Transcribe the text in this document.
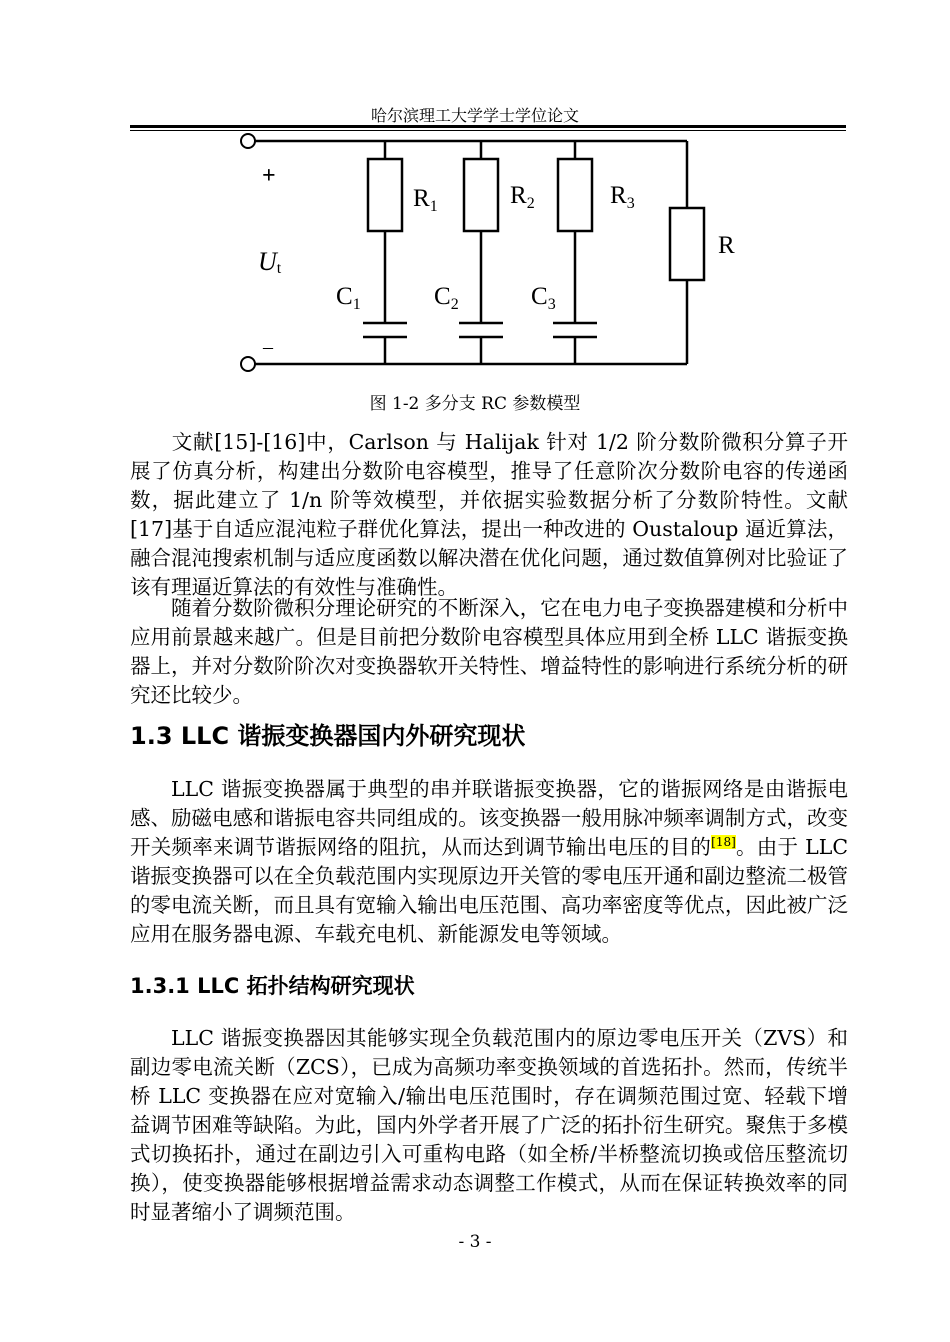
哈尔滨理工大学学士学位论文
+
–
Ut
R1	R2	R3
R
C1	C2	C3
图 1-2 多分支 RC 参数模型

文献[15]-[16]中，Carlson 与 Halijak 针对 1/2 阶分数阶微积分算子开展了仿真分析，构建出分数阶电容模型，推导了任意阶次分数阶电容的传递函数，据此建立了 1/n 阶等效模型，并依据实验数据分析了分数阶特性。文献[17]基于自适应混沌粒子群优化算法，提出一种改进的 Oustaloup 逼近算法，融合混沌搜索机制与适应度函数以解决潜在优化问题，通过数值算例对比验证了该有理逼近算法的有效性与准确性。

随着分数阶微积分理论研究的不断深入，它在电力电子变换器建模和分析中应用前景越来越广。但是目前把分数阶电容模型具体应用到全桥 LLC 谐振变换器上，并对分数阶阶次对变换器软开关特性、增益特性的影响进行系统分析的研究还比较少。

1.3 LLC 谐振变换器国内外研究现状

LLC 谐振变换器属于典型的串并联谐振变换器，它的谐振网络是由谐振电感、励磁电感和谐振电容共同组成的。该变换器一般用脉冲频率调制方式，改变开关频率来调节谐振网络的阻抗，从而达到调节输出电压的目的[18]。由于 LLC 谐振变换器可以在全负载范围内实现原边开关管的零电压开通和副边整流二极管的零电流关断，而且具有宽输入输出电压范围、高功率密度等优点，因此被广泛应用在服务器电源、车载充电机、新能源发电等领域。

1.3.1 LLC 拓扑结构研究现状

LLC 谐振变换器因其能够实现全负载范围内的原边零电压开关（ZVS）和副边零电流关断（ZCS），已成为高频功率变换领域的首选拓扑。然而，传统半桥 LLC 变换器在应对宽输入/输出电压范围时，存在调频范围过宽、轻载下增益调节困难等缺陷。为此，国内外学者开展了广泛的拓扑衍生研究。聚焦于多模式切换拓扑，通过在副边引入可重构电路（如全桥/半桥整流切换或倍压整流切换），使变换器能够根据增益需求动态调整工作模式，从而在保证转换效率的同时显著缩小了调频范围。

- 3 -
